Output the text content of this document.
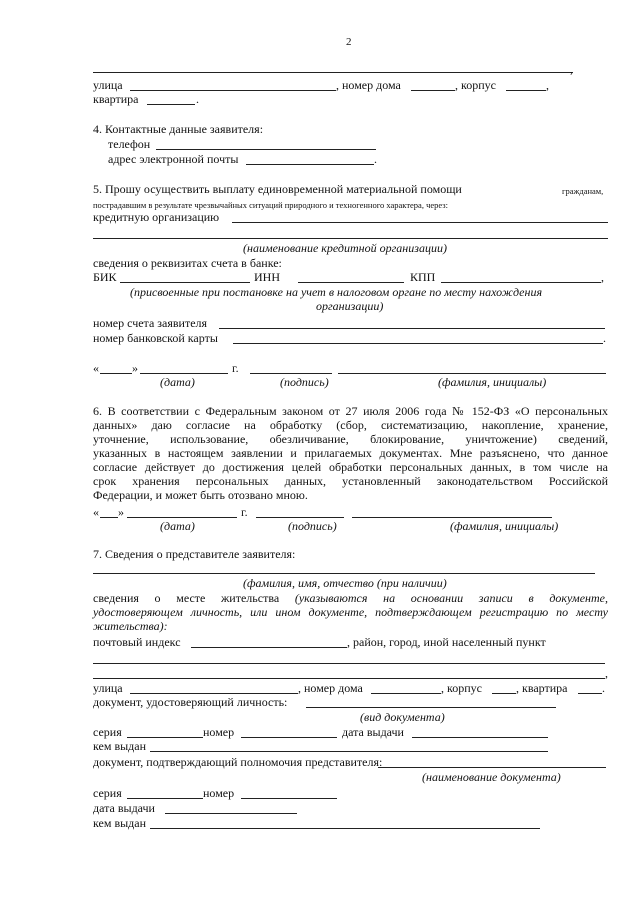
2
,
улица	, номер дома	, корпус	,
квартира	.
4. Контактные данные заявителя:
телефон
адрес электронной почты	.
5. Прошу осуществить выплату единовременной материальной помощи	гражданам,
пострадавшим в результате чрезвычайных ситуаций природного и техногенного характера, через:
кредитную организацию
(наименование кредитной организации)
сведения о реквизитах счета в банке:
БИК	ИНН	КПП	,
(присвоенные при постановке на учет в налоговом органе по месту нахождения
организации)
номер счета заявителя
номер банковской карты	.
«	»	г.
(дата)	(подпись)	(фамилия, инициалы)
6. В соответствии с Федеральным законом от 27 июля 2006 года № 152-ФЗ «О персональных
данных» даю согласие на обработку (сбор, систематизацию, накопление, хранение,
уточнение, использование, обезличивание, блокирование, уничтожение) сведений,
указанных в настоящем заявлении и прилагаемых документах. Мне разъяснено, что данное
согласие действует до достижения целей обработки персональных данных, в том числе на
срок хранения персональных данных, установленный законодательством Российской
Федерации, и может быть отозвано мною.
« »	г.
(дата)	(подпись)	(фамилия, инициалы)
7. Сведения о представителе заявителя:
(фамилия, имя, отчество (при наличии)
сведения о месте жительства (указываются на основании записи в документе,
удостоверяющем личность, или ином документе, подтверждающем регистрацию по месту
жительства):
почтовый индекс	, район, город, иной населенный пункт
,
улица	, номер дома	, корпус	, квартира	.
документ, удостоверяющий личность:
(вид документа)
серия	номер	дата выдачи
кем выдан
документ, подтверждающий полномочия представителя:
(наименование документа)
серия	номер
дата выдачи
кем выдан
